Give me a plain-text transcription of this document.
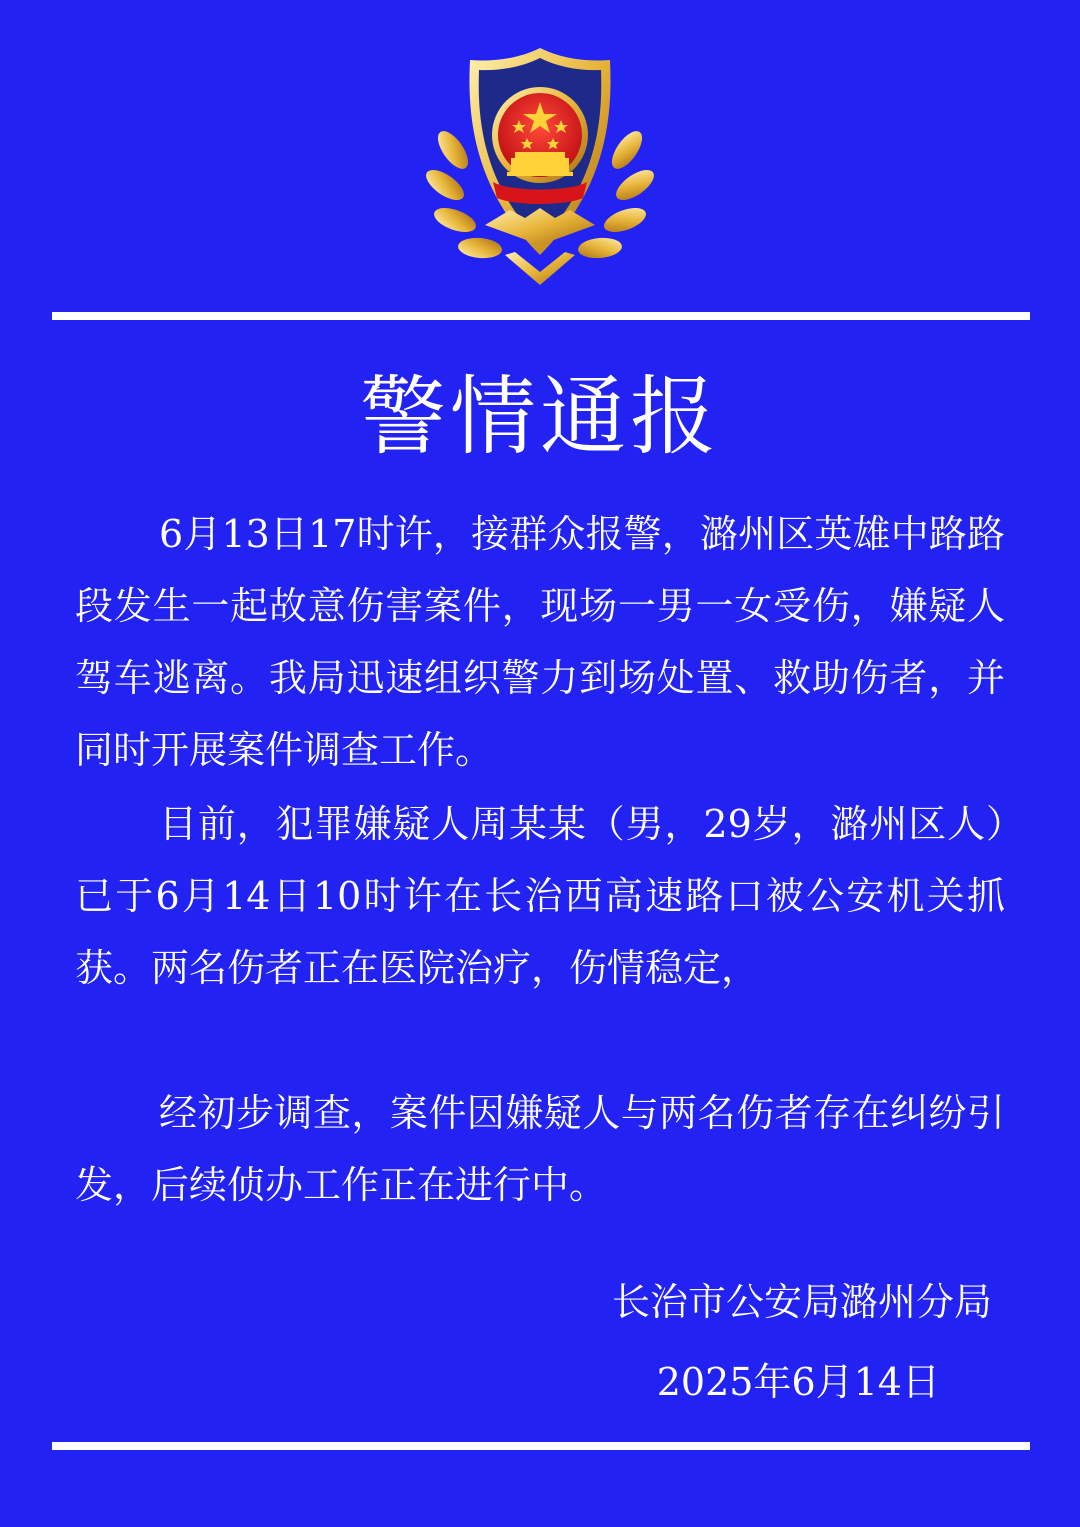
警情通报

6月13日17时许，接群众报警，潞州区英雄中路路段发生一起故意伤害案件，现场一男一女受伤，嫌疑人驾车逃离。我局迅速组织警力到场处置、救助伤者，并同时开展案件调查工作。

目前，犯罪嫌疑人周某某（男，29岁，潞州区人）已于6月14日10时许在长治西高速路口被公安机关抓获。两名伤者正在医院治疗，伤情稳定，

经初步调查，案件因嫌疑人与两名伤者存在纠纷引发，后续侦办工作正在进行中。

长治市公安局潞州分局
2025年6月14日
